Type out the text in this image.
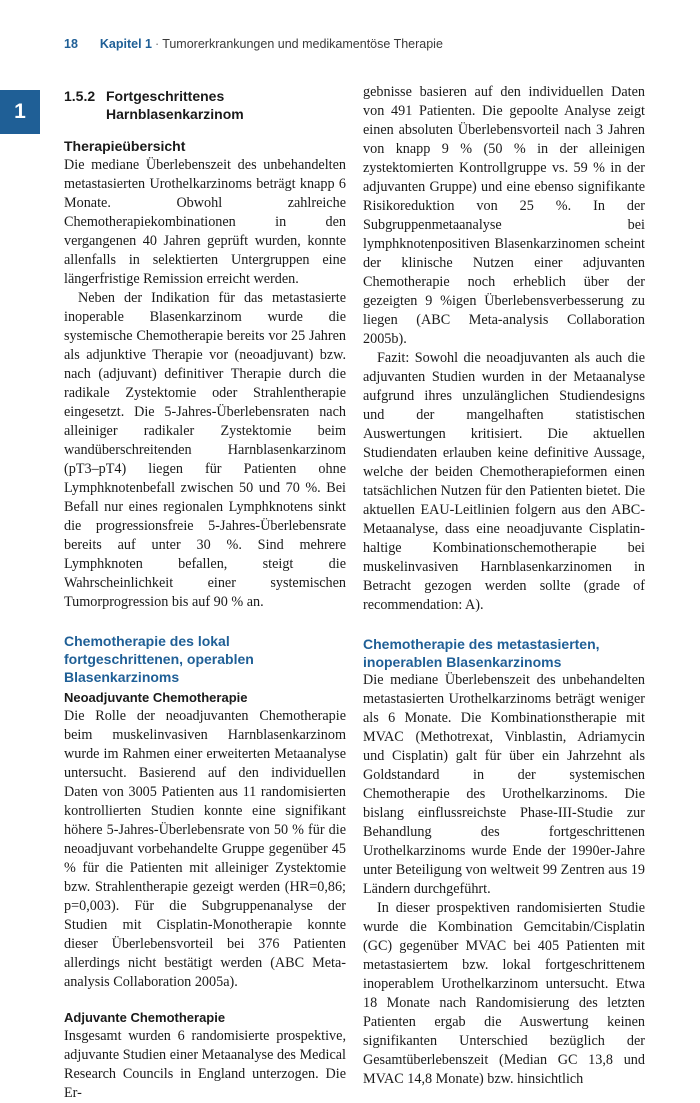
18 Kapitel 1 · Tumorerkrankungen und medikamentöse Therapie
1
1.5.2 Fortgeschrittenes Harnblasenkarzinom
Therapieübersicht

Die mediane Überlebenszeit des unbehandelten metastasierten Urothelkarzinoms beträgt knapp 6 Monate. Obwohl zahlreiche Chemotherapiekombinationen in den vergangenen 40 Jahren geprüft wurden, konnte allenfalls in selektierten Untergruppen eine längerfristige Remission erreicht werden.

Neben der Indikation für das metastasierte inoperable Blasenkarzinom wurde die systemische Chemotherapie bereits vor 25 Jahren als adjunktive Therapie vor (neoadjuvant) bzw. nach (adjuvant) definitiver Therapie durch die radikale Zystektomie oder Strahlentherapie eingesetzt. Die 5-Jahres-Überlebensraten nach alleiniger radikaler Zystektomie beim wandüberschreitenden Harnblasenkarzinom (pT3–pT4) liegen für Patienten ohne Lymphknotenbefall zwischen 50 und 70 %. Bei Befall nur eines regionalen Lymphknotens sinkt die progressionsfreie 5-Jahres-Überlebensrate bereits auf unter 30 %. Sind mehrere Lymphknoten befallen, steigt die Wahrscheinlichkeit einer systemischen Tumorprogression bis auf 90 % an.

Chemotherapie des lokal fortgeschrittenen, operablen Blasenkarzinoms
Neoadjuvante Chemotherapie

Die Rolle der neoadjuvanten Chemotherapie beim muskelinvasiven Harnblasenkarzinom wurde im Rahmen einer erweiterten Metaanalyse untersucht. Basierend auf den individuellen Daten von 3005 Patienten aus 11 randomisierten kontrollierten Studien konnte eine signifikant höhere 5-Jahres-Überlebensrate von 50 % für die neoadjuvant vorbehandelte Gruppe gegenüber 45 % für die Patienten mit alleiniger Zystektomie bzw. Strahlentherapie gezeigt werden (HR=0,86; p=0,003). Für die Subgruppenanalyse der Studien mit Cisplatin-Monotherapie konnte dieser Überlebensvorteil bei 376 Patienten allerdings nicht bestätigt werden (ABC Meta-analysis Collaboration 2005a).

Adjuvante Chemotherapie

Insgesamt wurden 6 randomisierte prospektive, adjuvante Studien einer Metaanalyse des Medical Research Councils in England unterzogen. Die Er-

gebnisse basieren auf den individuellen Daten von 491 Patienten. Die gepoolte Analyse zeigt einen absoluten Überlebensvorteil nach 3 Jahren von knapp 9 % (50 % in der alleinigen zystektomierten Kontrollgruppe vs. 59 % in der adjuvanten Gruppe) und eine ebenso signifikante Risikoreduktion von 25 %. In der Subgruppenmetaanalyse bei lymphknotenpositiven Blasenkarzinomen scheint der klinische Nutzen einer adjuvanten Chemotherapie noch erheblich über der gezeigten 9 %igen Überlebensverbesserung zu liegen (ABC Meta-analysis Collaboration 2005b).

Fazit: Sowohl die neoadjuvanten als auch die adjuvanten Studien wurden in der Metaanalyse aufgrund ihres unzulänglichen Studiendesigns und der mangelhaften statistischen Auswertungen kritisiert. Die aktuellen Studiendaten erlauben keine definitive Aussage, welche der beiden Chemotherapieformen einen tatsächlichen Nutzen für den Patienten bietet. Die aktuellen EAU-Leitlinien folgern aus den ABC-Metaanalyse, dass eine neoadjuvante Cisplatin-haltige Kombinationschemotherapie bei muskelinvasiven Harnblasenkarzinomen in Betracht gezogen werden sollte (grade of recommendation: A).

Chemotherapie des metastasierten, inoperablen Blasenkarzinoms

Die mediane Überlebenszeit des unbehandelten metastasierten Urothelkarzinoms beträgt weniger als 6 Monate. Die Kombinationstherapie mit MVAC (Methotrexat, Vinblastin, Adriamycin und Cisplatin) galt für über ein Jahrzehnt als Goldstandard in der systemischen Chemotherapie des Urothelkarzinoms. Die bislang einflussreichste Phase-III-Studie zur Behandlung des fortgeschrittenen Urothelkarzinoms wurde Ende der 1990er-Jahre unter Beteiligung von weltweit 99 Zentren aus 19 Ländern durchgeführt.

In dieser prospektiven randomisierten Studie wurde die Kombination Gemcitabin/Cisplatin (GC) gegenüber MVAC bei 405 Patienten mit metastasiertem bzw. lokal fortgeschrittenem inoperablem Urothelkarzinom untersucht. Etwa 18 Monate nach Randomisierung des letzten Patienten ergab die Auswertung keinen signifikanten Unterschied bezüglich der Gesamtüberlebenszeit (Median GC 13,8 und MVAC 14,8 Monate) bzw. hinsichtlich
